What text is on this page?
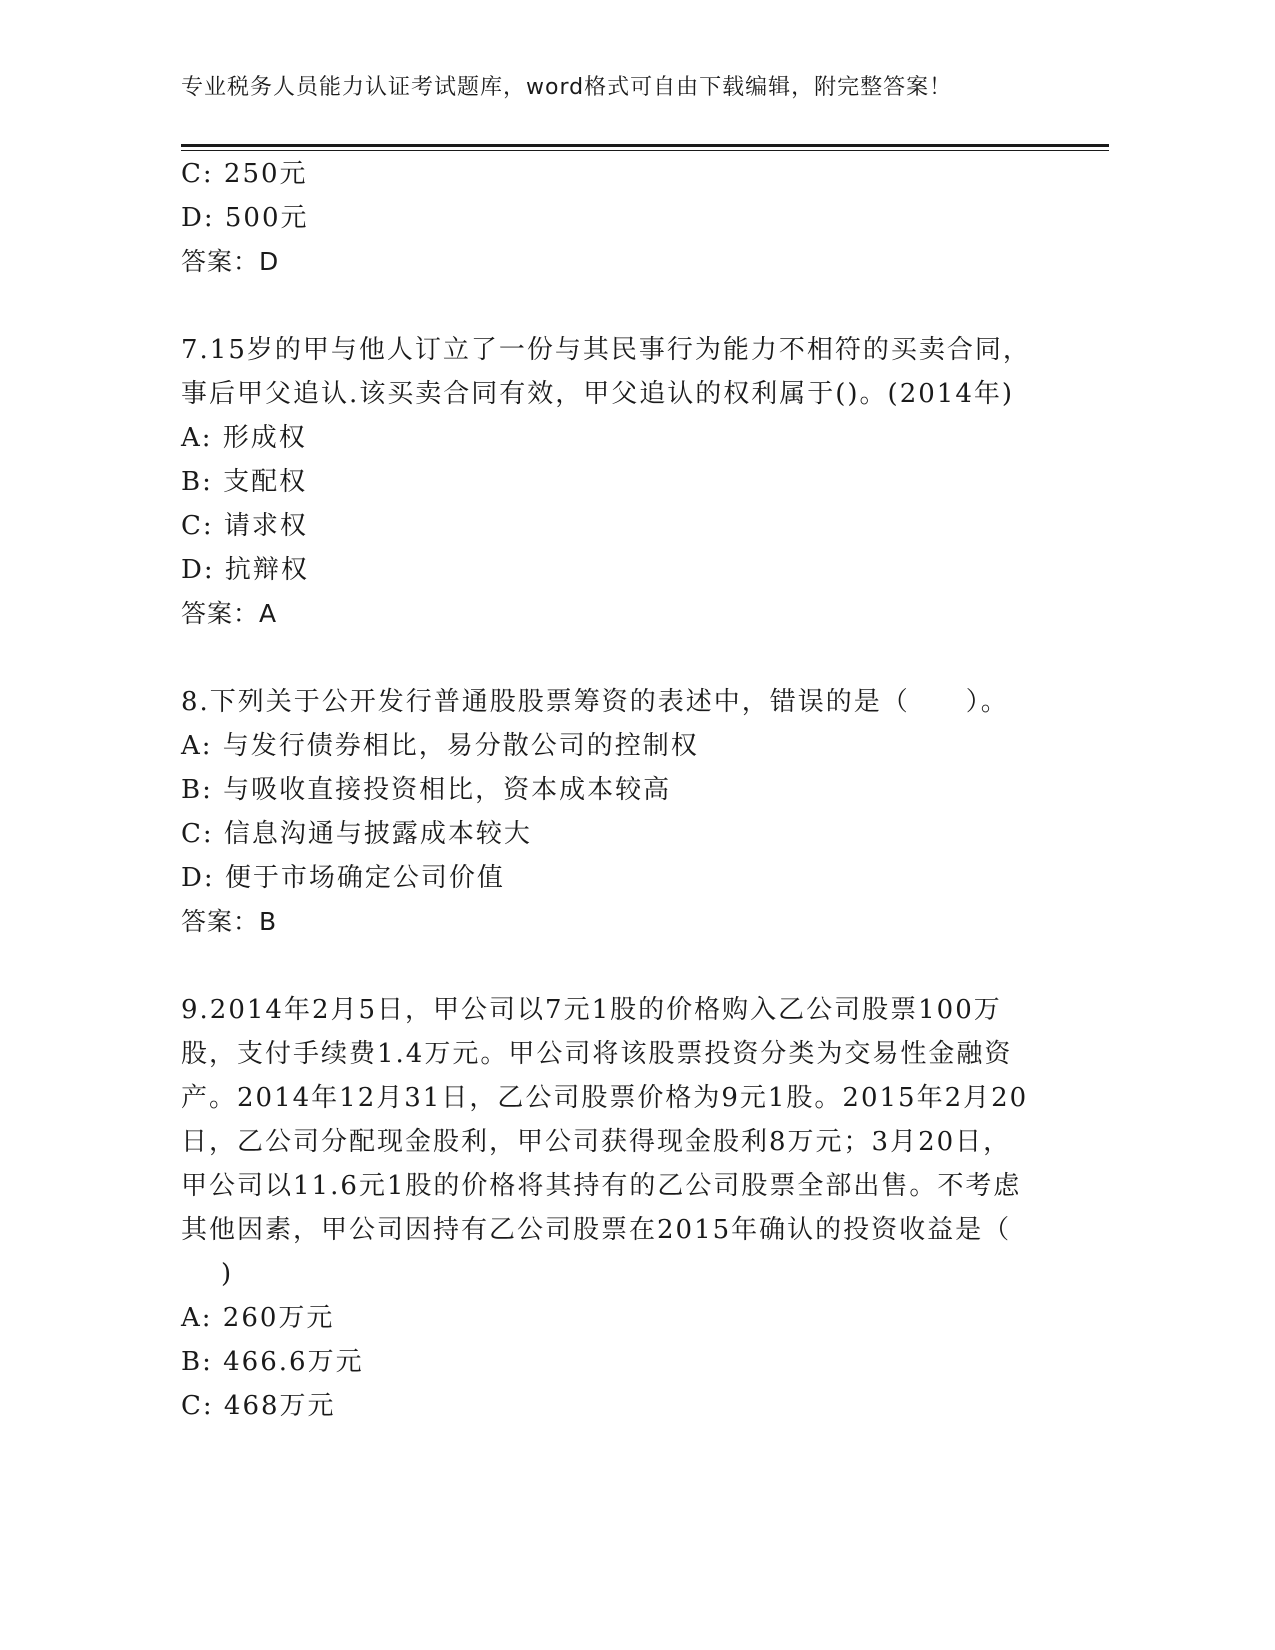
专业税务人员能力认证考试题库，word格式可自由下载编辑，附完整答案！
C: 250元
D: 500元
答案：D
7.15岁的甲与他人订立了一份与其民事行为能力不相符的买卖合同，
事后甲父追认.该买卖合同有效，甲父追认的权利属于()。(2014年)
A: 形成权
B: 支配权
C: 请求权
D: 抗辩权
答案：A
8.下列关于公开发行普通股股票筹资的表述中，错误的是（　　）。
A: 与发行债券相比，易分散公司的控制权
B: 与吸收直接投资相比，资本成本较高
C: 信息沟通与披露成本较大
D: 便于市场确定公司价值
答案：B
9.2014年2月5日，甲公司以7元1股的价格购入乙公司股票100万
股，支付手续费1.4万元。甲公司将该股票投资分类为交易性金融资
产。2014年12月31日，乙公司股票价格为9元1股。2015年2月20
日，乙公司分配现金股利，甲公司获得现金股利8万元；3月20日，
甲公司以11.6元1股的价格将其持有的乙公司股票全部出售。不考虑
其他因素，甲公司因持有乙公司股票在2015年确认的投资收益是（
)
A: 260万元
B: 466.6万元
C: 468万元
